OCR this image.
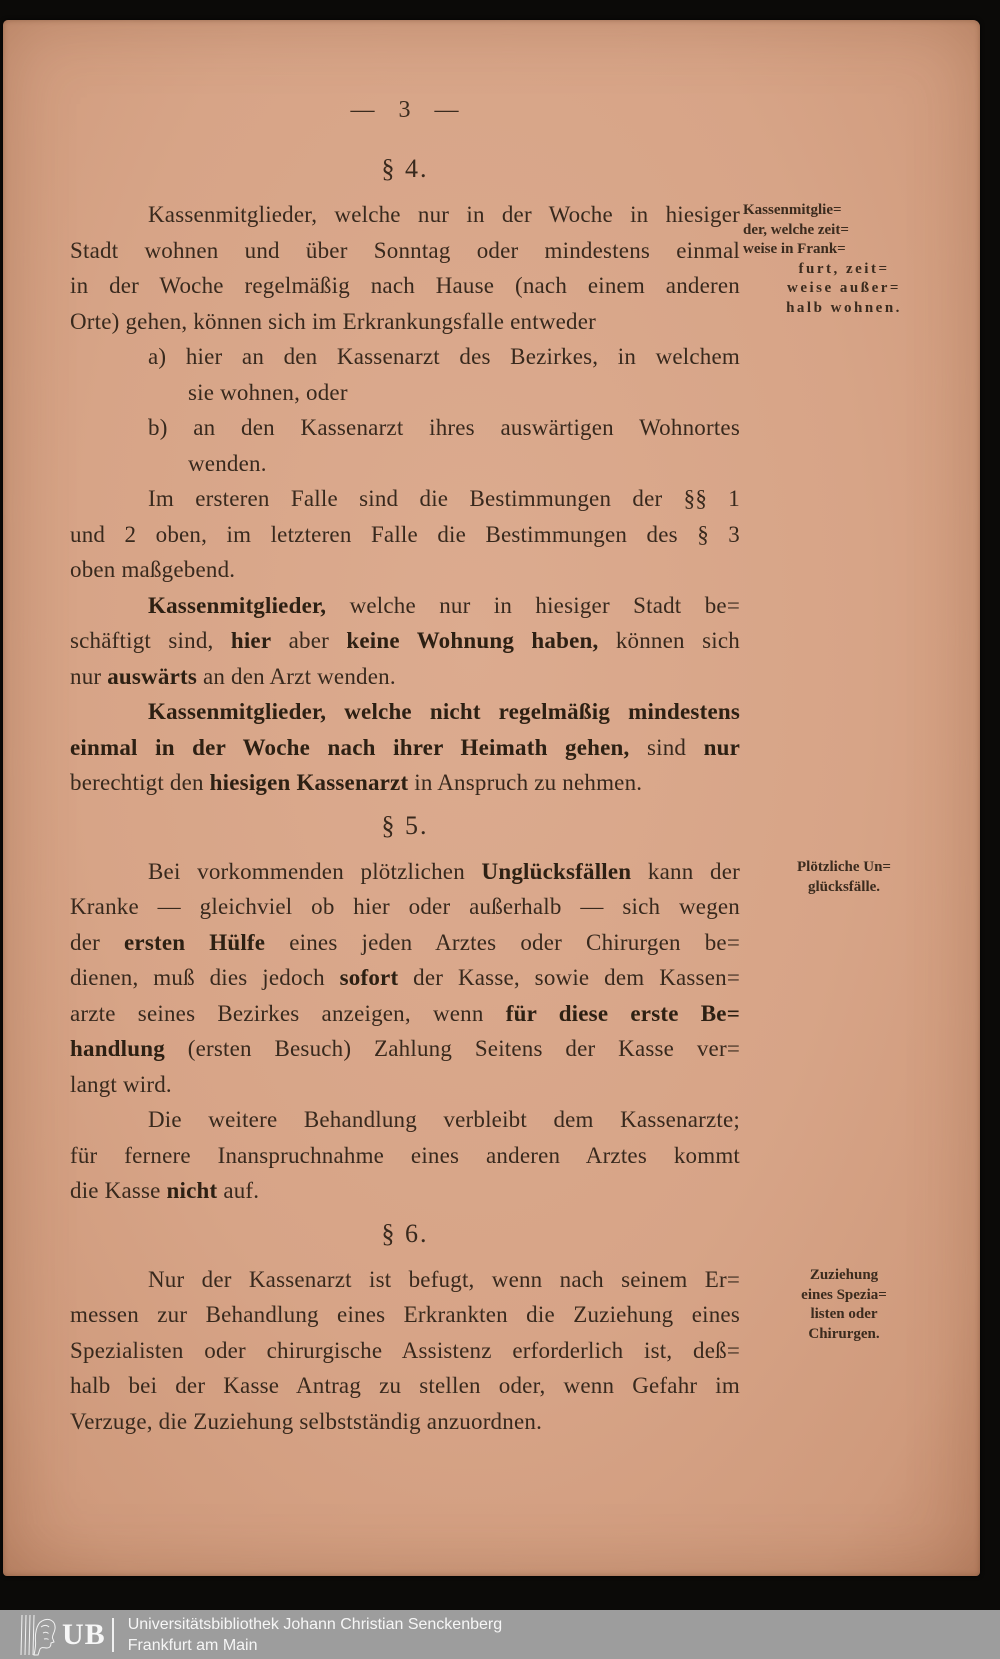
— 3 —
§ 4.
Kassenmitglieder, welche nur in der Woche in hiesiger
Stadt wohnen und über Sonntag oder mindestens einmal
in der Woche regelmäßig nach Hause (nach einem anderen
Orte) gehen, können sich im Erkrankungsfalle entweder
a) hier an den Kassenarzt des Bezirkes, in welchem
sie wohnen, oder
b) an den Kassenarzt ihres auswärtigen Wohnortes
wenden.
Im ersteren Falle sind die Bestimmungen der §§ 1
und 2 oben, im letzteren Falle die Bestimmungen des § 3
oben maßgebend.
Kassenmitglieder, welche nur in hiesiger Stadt be=
schäftigt sind, hier aber keine Wohnung haben, können sich
nur auswärts an den Arzt wenden.
Kassenmitglieder, welche nicht regelmäßig mindestens
einmal in der Woche nach ihrer Heimath gehen, sind nur
berechtigt den hiesigen Kassenarzt in Anspruch zu nehmen.
§ 5.
Bei vorkommenden plötzlichen Unglücksfällen kann der
Kranke — gleichviel ob hier oder außerhalb — sich wegen
der ersten Hülfe eines jeden Arztes oder Chirurgen be=
dienen, muß dies jedoch sofort der Kasse, sowie dem Kassen=
arzte seines Bezirkes anzeigen, wenn für diese erste Be=
handlung (ersten Besuch) Zahlung Seitens der Kasse ver=
langt wird.
Die weitere Behandlung verbleibt dem Kassenarzte;
für fernere Inanspruchnahme eines anderen Arztes kommt
die Kasse nicht auf.
§ 6.
Nur der Kassenarzt ist befugt, wenn nach seinem Er=
messen zur Behandlung eines Erkrankten die Zuziehung eines
Spezialisten oder chirurgische Assistenz erforderlich ist, deß=
halb bei der Kasse Antrag zu stellen oder, wenn Gefahr im
Verzuge, die Zuziehung selbstständig anzuordnen.
Kassenmitglie=
der, welche zeit=
weise in Frank=
furt, zeit=
weise außer=
halb wohnen.
Plötzliche Un=
glücksfälle.
Zuziehung
eines Spezia=
listen oder
Chirurgen.
UB Universitätsbibliothek Johann Christian Senckenberg
Frankfurt am Main
